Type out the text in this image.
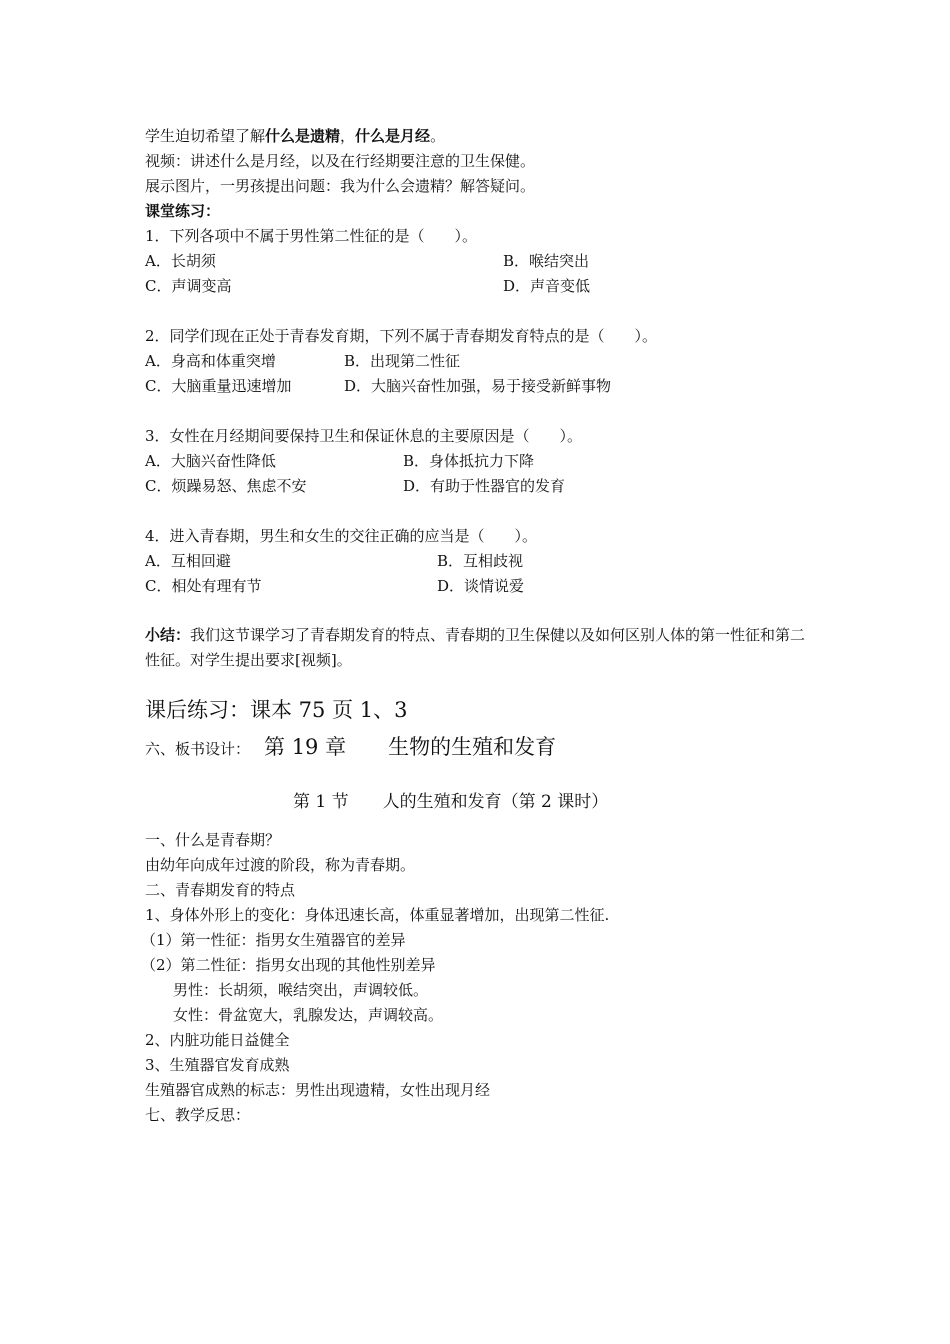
学生迫切希望了解什么是遗精，什么是月经。
视频：讲述什么是月经，以及在行经期要注意的卫生保健。
展示图片，一男孩提出问题：我为什么会遗精？解答疑问。
课堂练习：
1．下列各项中不属于男性第二性征的是（　　）。
A．长胡须	B．喉结突出
C．声调变高	D．声音变低
2．同学们现在正处于青春发育期，下列不属于青春期发育特点的是（　　）。
A．身高和体重突增	B．出现第二性征
C．大脑重量迅速增加	D．大脑兴奋性加强，易于接受新鲜事物
3．女性在月经期间要保持卫生和保证休息的主要原因是（　　）。
A．大脑兴奋性降低	B．身体抵抗力下降
C．烦躁易怒、焦虑不安	D．有助于性器官的发育
4．进入青春期，男生和女生的交往正确的应当是（　　）。
A．互相回避	B．互相歧视
C．相处有理有节	D．谈情说爱
小结：我们这节课学习了青春期发育的特点、青春期的卫生保健以及如何区别人体的第一性征和第二性征。对学生提出要求[视频]。
课后练习：课本 75 页 1、3
六、板书设计： 第 19 章　　生物的生殖和发育
第 1 节　　人的生殖和发育（第 2 课时）
一、什么是青春期？
由幼年向成年过渡的阶段，称为青春期。
二、青春期发育的特点
1、身体外形上的变化：身体迅速长高，体重显著增加，出现第二性征.
（1）第一性征：指男女生殖器官的差异
（2）第二性征：指男女出现的其他性别差异
男性：长胡须，喉结突出，声调较低。
女性：骨盆宽大，乳腺发达，声调较高。
2、内脏功能日益健全
3、生殖器官发育成熟
生殖器官成熟的标志：男性出现遗精，女性出现月经
七、教学反思：
